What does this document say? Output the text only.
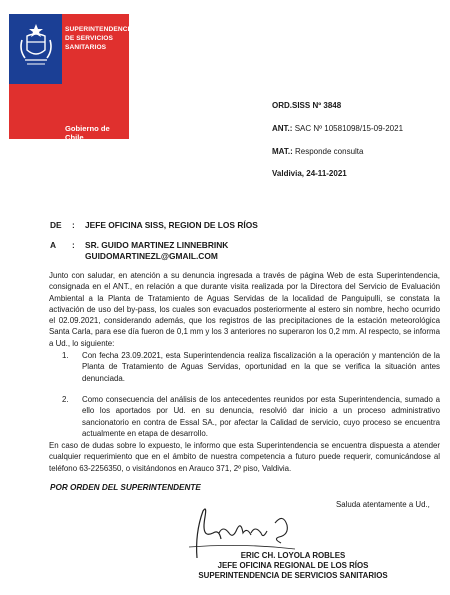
SUPERINTENDENCIA DE SERVICIOS SANITARIOS
Gobierno de Chile
ORD.SISS Nº 3848
ANT.: SAC Nº 10581098/15-09-2021
MAT.: Responde consulta
Valdivia, 24-11-2021
DE : JEFE OFICINA SISS, REGION DE LOS RÍOS
A : SR. GUIDO MARTINEZ LINNEBRINK
GUIDOMARTINEZL@GMAIL.COM

Junto con saludar, en atención a su denuncia ingresada a través de página Web de esta Superintendencia, consignada en el ANT., en relación a que durante visita realizada por la Directora del Servicio de Evaluación Ambiental a la Planta de Tratamiento de Aguas Servidas de la localidad de Panguipulli, se constata la activación de uso del by-pass, los cuales son evacuados posteriormente al estero sin nombre, hecho ocurrido el 02.09.2021, considerando además, que los registros de las precipitaciones de la estación meteorológica Santa Carla, para ese día fueron de 0,1 mm y los 3 anteriores no superaron los 0,2 mm. Al respecto, se informa a Ud., lo siguiente:

1.	Con fecha 23.09.2021, esta Superintendencia realiza fiscalización a la operación y mantención de la Planta de Tratamiento de Aguas Servidas, oportunidad en la que se verifica la situación antes denunciada.
2.	Como consecuencia del análisis de los antecedentes reunidos por esta Superintendencia, sumado a ello los aportados por Ud. en su denuncia, resolvió dar inicio a un proceso administrativo sancionatorio en contra de Essal SA., por afectar la Calidad de servicio, cuyo proceso se encuentra actualmente en etapa de desarrollo.

En caso de dudas sobre lo expuesto, le informo que esta Superintendencia se encuentra dispuesta a atender cualquier requerimiento que en el ámbito de nuestra competencia a futuro puede requerir, comunicándose al teléfono 63-2256350, o visitándonos en Arauco 371, 2º piso, Valdivia.

POR ORDEN DEL SUPERINTENDENTE
Saluda atentamente a Ud.,
ERIC CH. LOYOLA ROBLES
JEFE OFICINA REGIONAL DE LOS RÍOS
SUPERINTENDENCIA DE SERVICIOS SANITARIOS
